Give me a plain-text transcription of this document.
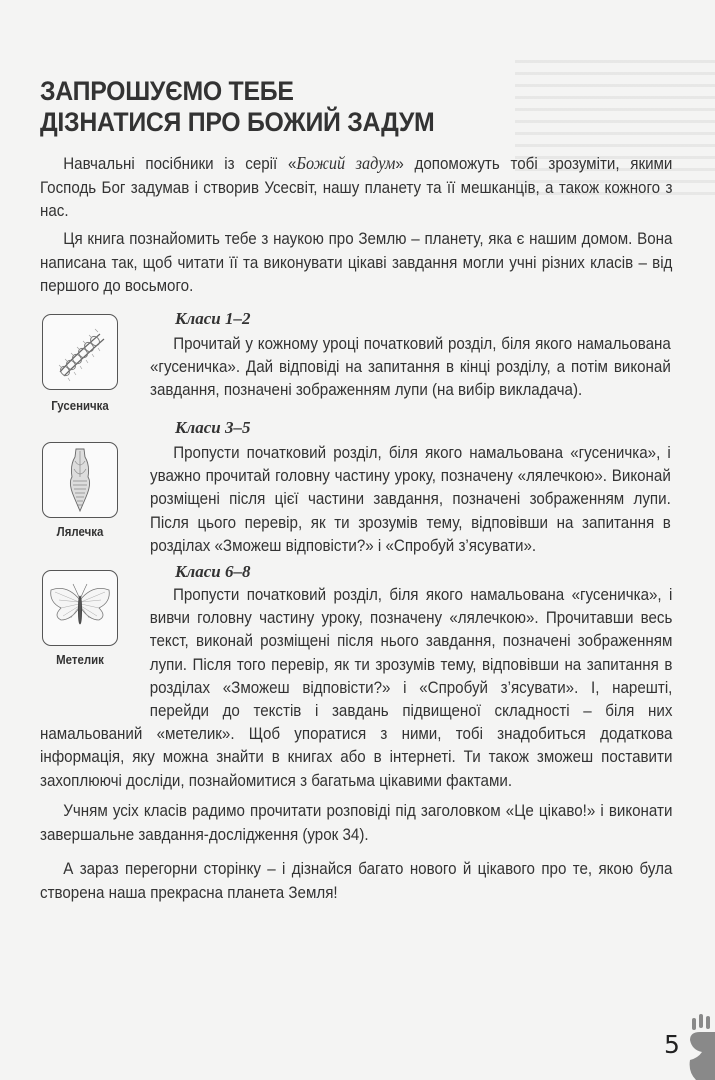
ЗАПРОШУЄМО ТЕБЕ
ДІЗНАТИСЯ ПРО БОЖИЙ ЗАДУМ

Навчальні посібники із серії «Божий задум» допоможуть тобі зрозуміти, якими Господь Бог задумав і створив Усесвіт, нашу планету та її мешканців, а також кожного з нас.

Ця книга познайомить тебе з наукою про Землю – планету, яка є нашим домом. Вона написана так, щоб читати її та виконувати цікаві завдання могли учні різних класів – від першого до восьмого.

Гусеничка
Класи 1–2

Прочитай у кожному уроці початковий розділ, біля якого намальована «гусеничка». Дай відповіді на запитання в кінці розділу, а потім виконай завдання, позначені зображенням лупи (на вибір викладача).

Лялечка
Класи 3–5

Пропусти початковий розділ, біля якого намальована «гусеничка», і уважно прочитай головну частину уроку, позначену «лялечкою». Виконай розміщені після цієї частини завдання, позначені зображенням лупи. Після цього перевір, як ти зрозумів тему, відповівши на запитання в розділах «Зможеш відповісти?» і «Спробуй з’ясувати».

Метелик
Класи 6–8
Пропусти початковий розділ, біля якого намальована «гусеничка», і вивчи головну частину уроку, позначену «лялечкою». Прочитавши весь текст, виконай розміщені після нього завдання, позначені зображенням лупи. Після того перевір, як ти зрозумів тему, відповівши на запитання в розділах «Зможеш відповісти?» і «Спробуй з’ясувати». І, нарешті, перейди до текстів і завдань підвищеної складності – біля них намальований «метелик». Щоб упоратися з ними, тобі знадобиться додаткова інформація, яку можна знайти в книгах або в інтернеті. Ти також зможеш поставити захоплюючі досліди, познайомитися з багатьма цікавими фактами.

Учням усіх класів радимо прочитати розповіді під заголовком «Це цікаво!» і виконати завершальне завдання-дослідження (урок 34).

А зараз перегорни сторінку – і дізнайся багато нового й цікавого про те, якою була створена наша прекрасна планета Земля!

5
